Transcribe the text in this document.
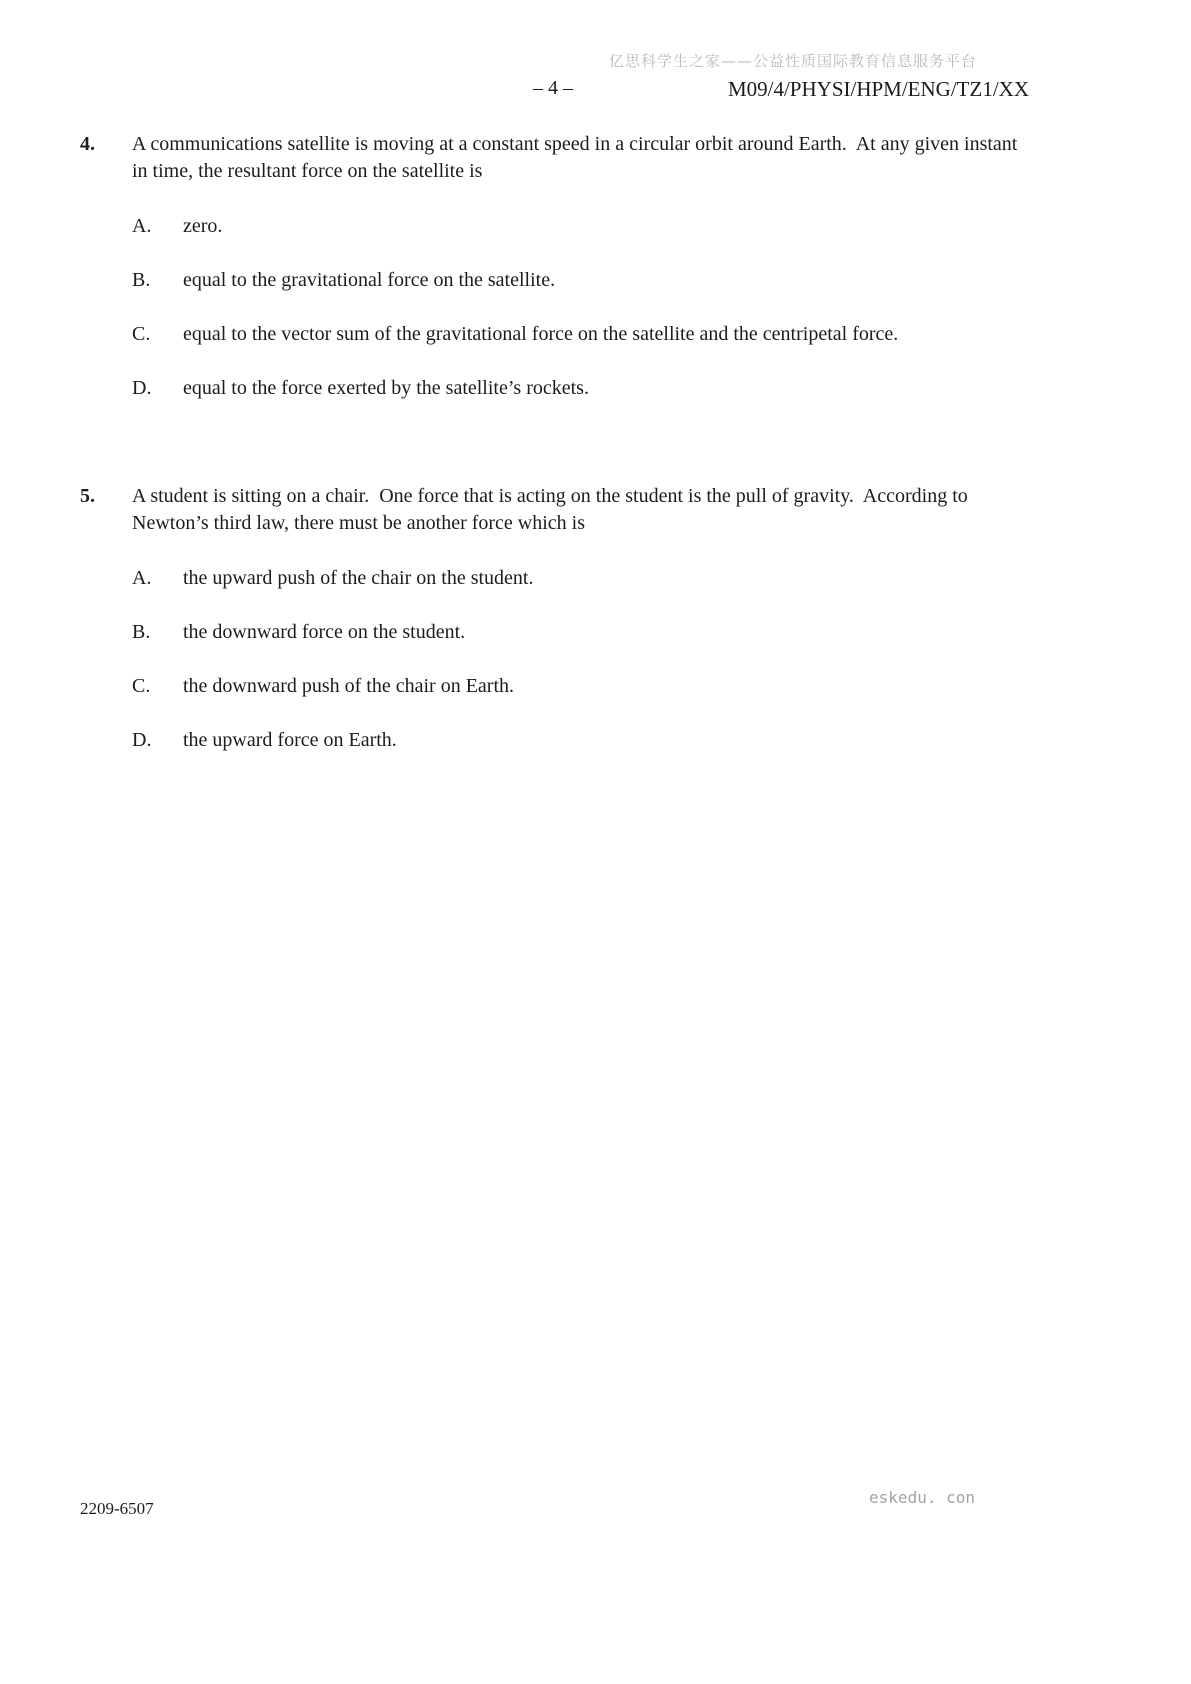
亿思科学生之家——公益性质国际教育信息服务平台
– 4 –	M09/4/PHYSI/HPM/ENG/TZ1/XX
4.	A communications satellite is moving at a constant speed in a circular orbit around Earth.  At any given instant in time, the resultant force on the satellite is

A.	zero.
B.	equal to the gravitational force on the satellite.
C.	equal to the vector sum of the gravitational force on the satellite and the centripetal force.
D.	equal to the force exerted by the satellite’s rockets.
5.	A student is sitting on a chair.  One force that is acting on the student is the pull of gravity.  According to Newton’s third law, there must be another force which is

A.	the upward push of the chair on the student.
B.	the downward force on the student.
C.	the downward push of the chair on Earth.
D.	the upward force on Earth.
2209-6507
eskedu. con
